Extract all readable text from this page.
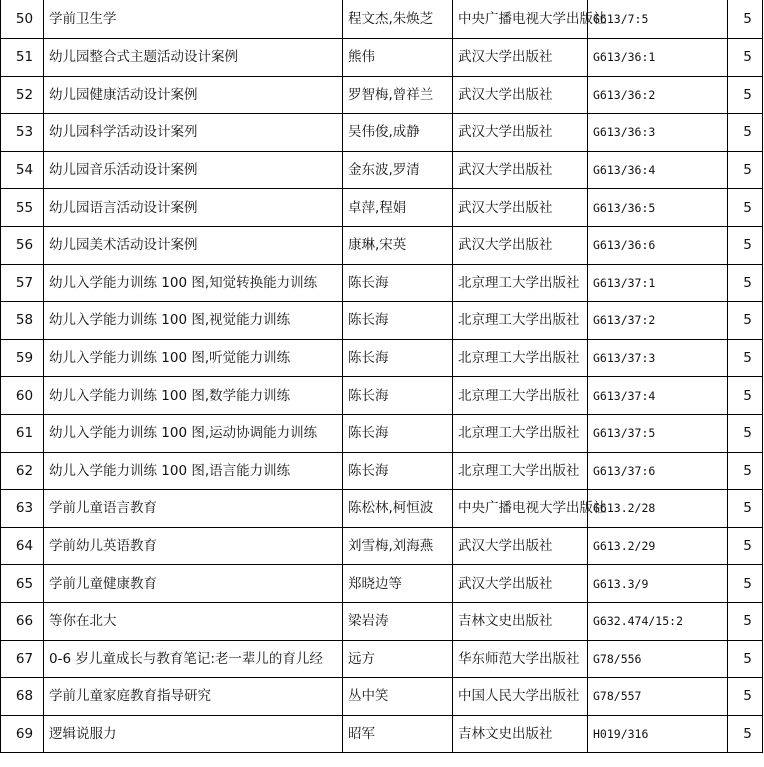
50	学前卫生学	程文杰,朱焕芝	中央广播电视大学出版社	G613/7:5	5
51	幼儿园整合式主题活动设计案例	熊伟	武汉大学出版社	G613/36:1	5
52	幼儿园健康活动设计案例	罗智梅,曾祥兰	武汉大学出版社	G613/36:2	5
53	幼儿园科学活动设计案列	吴伟俊,成静	武汉大学出版社	G613/36:3	5
54	幼儿园音乐活动设计案例	金东波,罗清	武汉大学出版社	G613/36:4	5
55	幼儿园语言活动设计案例	卓萍,程娟	武汉大学出版社	G613/36:5	5
56	幼儿园美术活动设计案例	康琳,宋英	武汉大学出版社	G613/36:6	5
57	幼儿入学能力训练 100 图,知觉转换能力训练	陈长海	北京理工大学出版社	G613/37:1	5
58	幼儿入学能力训练 100 图,视觉能力训练	陈长海	北京理工大学出版社	G613/37:2	5
59	幼儿入学能力训练 100 图,听觉能力训练	陈长海	北京理工大学出版社	G613/37:3	5
60	幼儿入学能力训练 100 图,数学能力训练	陈长海	北京理工大学出版社	G613/37:4	5
61	幼儿入学能力训练 100 图,运动协调能力训练	陈长海	北京理工大学出版社	G613/37:5	5
62	幼儿入学能力训练 100 图,语言能力训练	陈长海	北京理工大学出版社	G613/37:6	5
63	学前儿童语言教育	陈松林,柯恒波	中央广播电视大学出版社	G613.2/28	5
64	学前幼儿英语教育	刘雪梅,刘海燕	武汉大学出版社	G613.2/29	5
65	学前儿童健康教育	郑晓边等	武汉大学出版社	G613.3/9	5
66	等你在北大	梁岩涛	吉林文史出版社	G632.474/15:2	5
67	0-6 岁儿童成长与教育笔记:老一辈儿的育儿经	远方	华东师范大学出版社	G78/556	5
68	学前儿童家庭教育指导研究	丛中笑	中国人民大学出版社	G78/557	5
69	逻辑说服力	昭军	吉林文史出版社	H019/316	5
